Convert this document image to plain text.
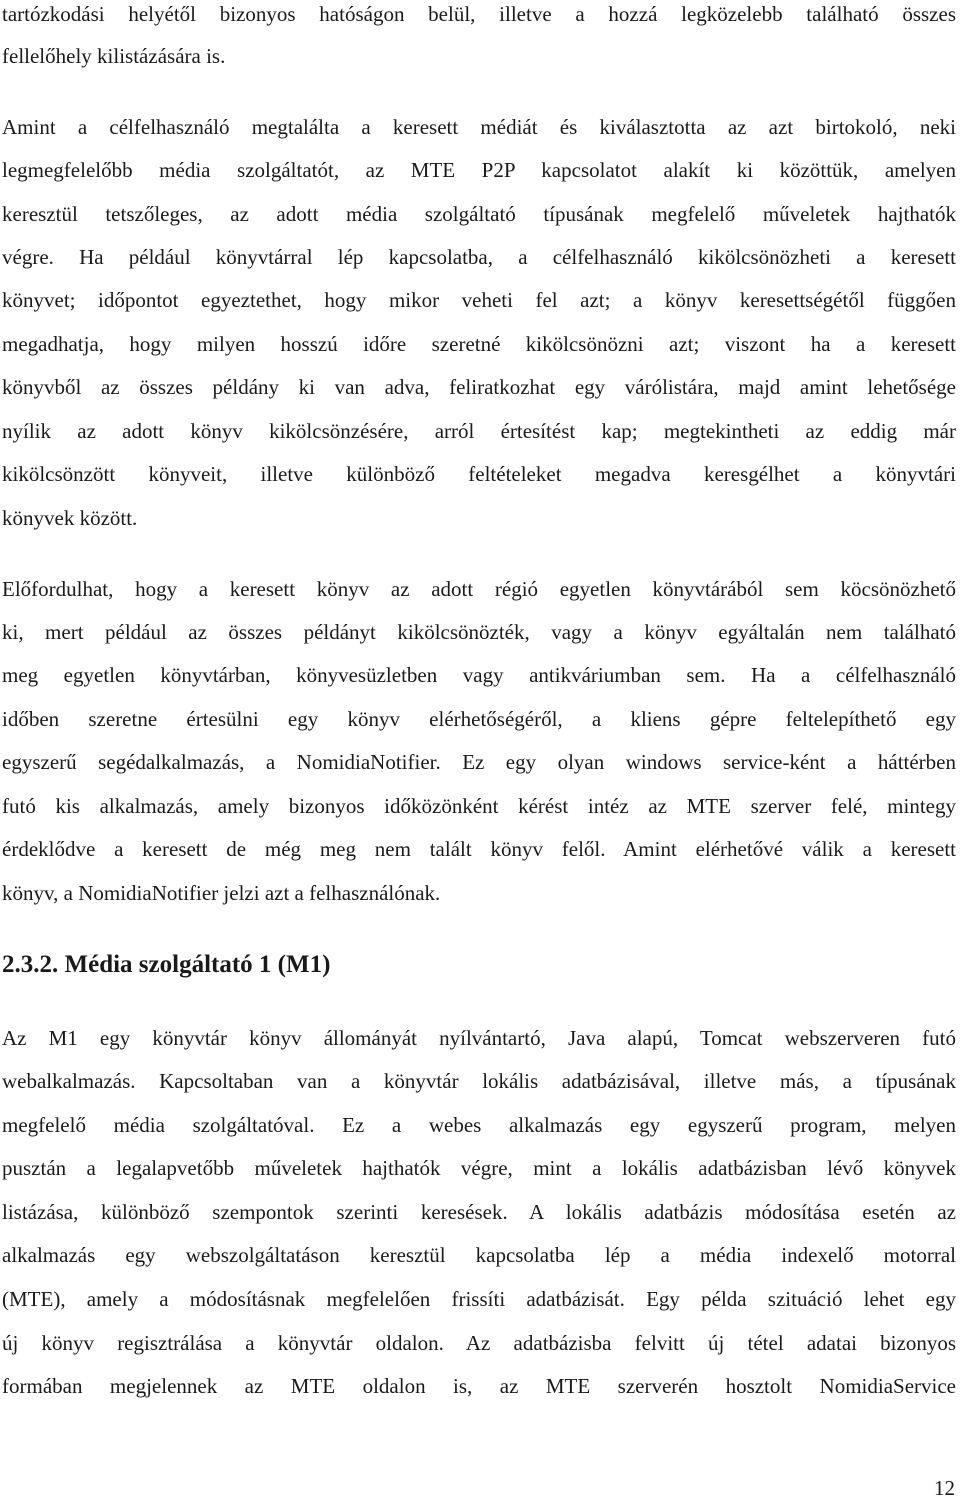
tartózkodási helyétől bizonyos hatóságon belül, illetve a hozzá legközelebb található összes
fellelőhely kilistázására is.
Amint a célfelhasználó megtalálta a keresett médiát és kiválasztotta az azt birtokoló, neki
legmegfelelőbb média szolgáltatót, az MTE P2P kapcsolatot alakít ki közöttük, amelyen
keresztül tetszőleges, az adott média szolgáltató típusának megfelelő műveletek hajthatók
végre. Ha például könyvtárral lép kapcsolatba, a célfelhasználó kikölcsönözheti a keresett
könyvet; időpontot egyeztethet, hogy mikor veheti fel azt; a könyv keresettségétől függően
megadhatja, hogy milyen hosszú időre szeretné kikölcsönözni azt; viszont ha a keresett
könyvből az összes példány ki van adva, feliratkozhat egy várólistára, majd amint lehetősége
nyílik az adott könyv kikölcsönzésére, arról értesítést kap; megtekintheti az eddig már
kikölcsönzött könyveit, illetve különböző feltételeket megadva keresgélhet a könyvtári
könyvek között.
Előfordulhat, hogy a keresett könyv az adott régió egyetlen könyvtárából sem köcsönözhető
ki, mert például az összes példányt kikölcsönözték, vagy a könyv egyáltalán nem található
meg egyetlen könyvtárban, könyvesüzletben vagy antikváriumban sem. Ha a célfelhasználó
időben szeretne értesülni egy könyv elérhetőségéről, a kliens gépre feltelepíthető egy
egyszerű segédalkalmazás, a NomidiaNotifier. Ez egy olyan windows service-ként a háttérben
futó kis alkalmazás, amely bizonyos időközönként kérést intéz az MTE szerver felé, mintegy
érdeklődve a keresett de még meg nem talált könyv felől. Amint elérhetővé válik a keresett
könyv, a NomidiaNotifier jelzi azt a felhasználónak.
2.3.2. Média szolgáltató 1 (M1)
Az M1 egy könyvtár könyv állományát nyílvántartó, Java alapú, Tomcat webszerveren futó
webalkalmazás. Kapcsoltaban van a könyvtár lokális adatbázisával, illetve más, a típusának
megfelelő média szolgáltatóval. Ez a webes alkalmazás egy egyszerű program, melyen
pusztán a legalapvetőbb műveletek hajthatók végre, mint a lokális adatbázisban lévő könyvek
listázása, különböző szempontok szerinti keresések. A lokális adatbázis módosítása esetén az
alkalmazás egy webszolgáltatáson keresztül kapcsolatba lép a média indexelő motorral
(MTE), amely a módosításnak megfelelően frissíti adatbázisát. Egy példa szituáció lehet egy
új könyv regisztrálása a könyvtár oldalon. Az adatbázisba felvitt új tétel adatai bizonyos
formában megjelennek az MTE oldalon is, az MTE szerverén hosztolt NomidiaService
12
